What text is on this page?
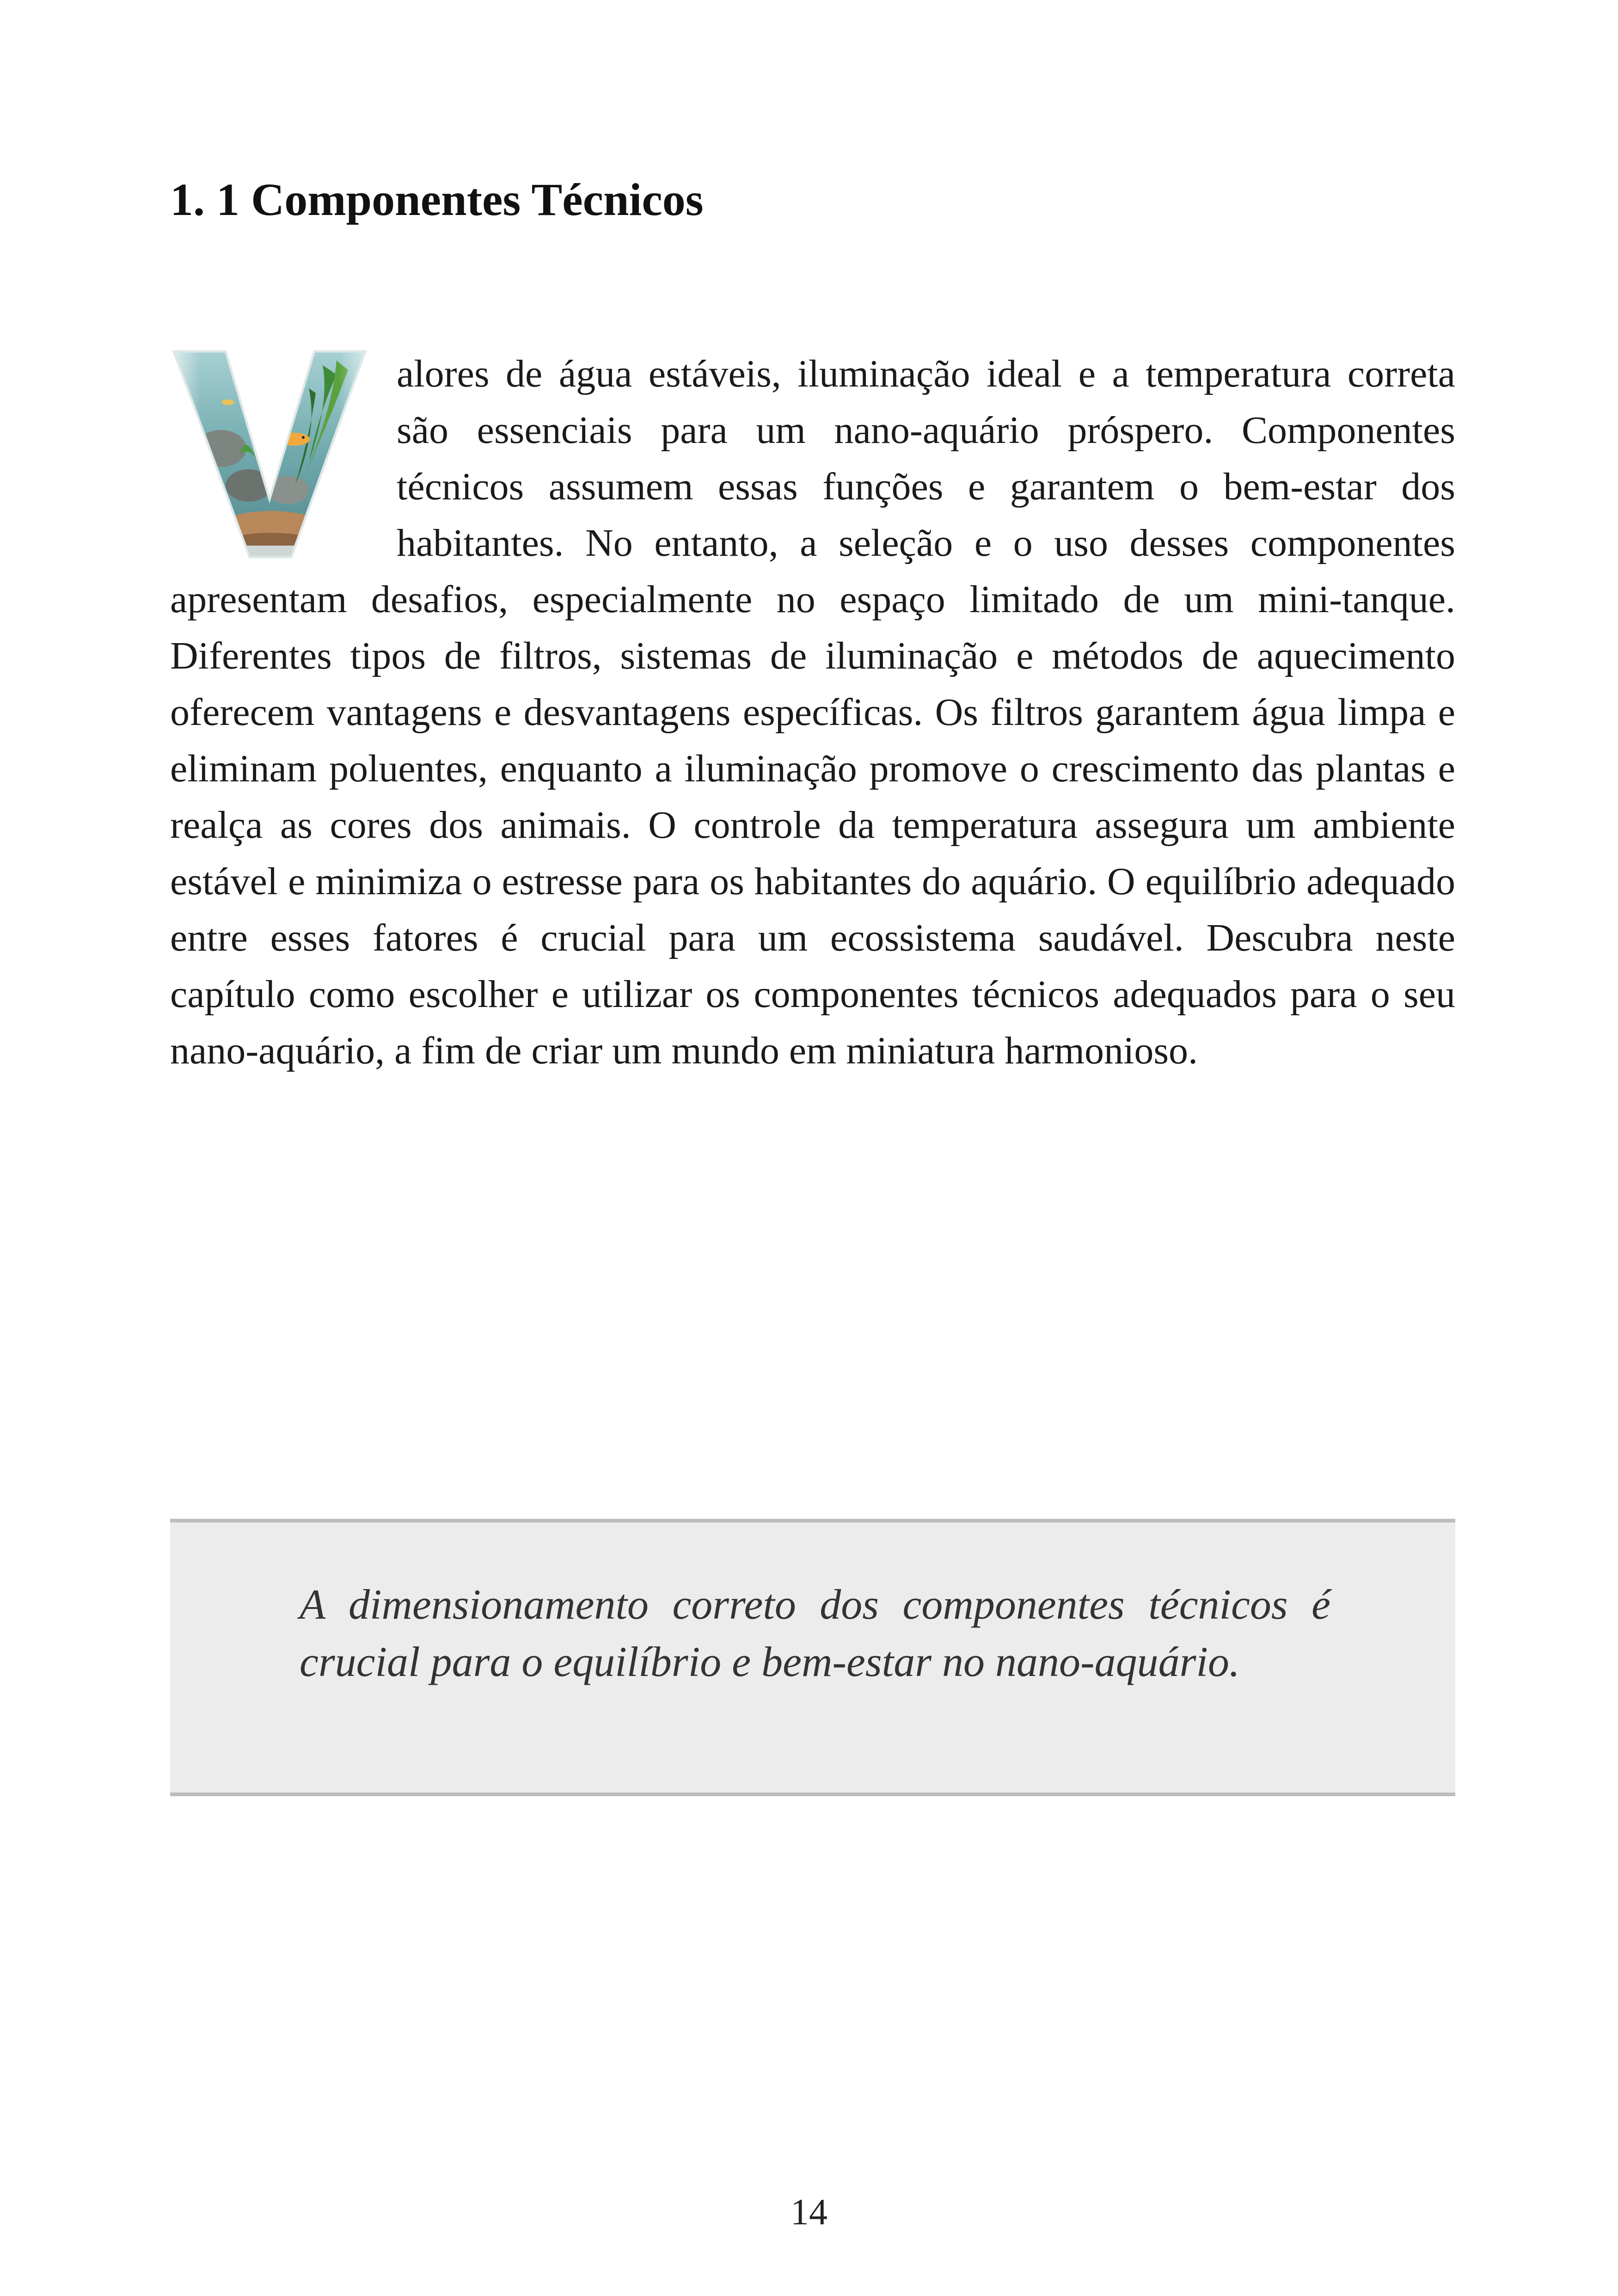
1. 1 Componentes Técnicos
alores de água estáveis, iluminação ideal e a temperatura correta são essenciais para um nano-aquário próspero. Componentes técnicos assumem essas funções e garantem o bem-estar dos habitantes. No entanto, a seleção e o uso desses componentes apresentam desafios, especialmente no espaço limitado de um mini-tanque. Diferentes tipos de filtros, sistemas de iluminação e métodos de aquecimento oferecem vantagens e desvantagens específicas. Os filtros garantem água limpa e eliminam poluentes, enquanto a iluminação promove o crescimento das plantas e realça as cores dos animais. O controle da temperatura assegura um ambiente estável e minimiza o estresse para os habitantes do aquário. O equilíbrio adequado entre esses fatores é crucial para um ecossistema saudável. Descubra neste capítulo como escolher e utilizar os componentes técnicos adequados para o seu nano-aquário, a fim de criar um mundo em miniatura harmonioso.

A dimensionamento correto dos componentes técnicos é crucial para o equilíbrio e bem-estar no nano-aquário.

14
